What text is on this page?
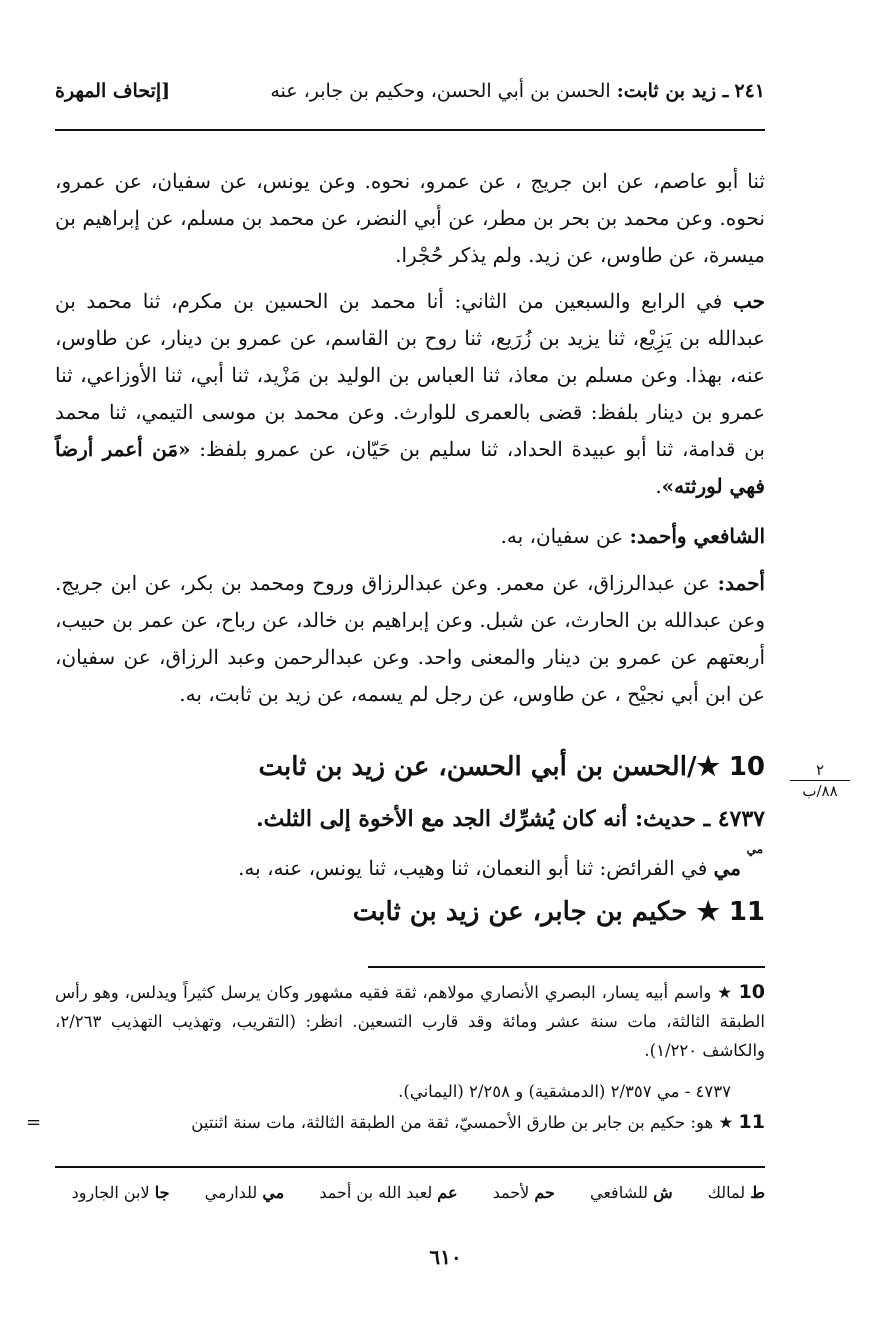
٢٤١ ـ زيد بن ثابت: الحسن بن أبي الحسن، وحكيم بن جابر، عنه
[إتحاف المهرة
ثنا أبو عاصم، عن ابن جريج ، عن عمرو، نحوه. وعن يونس، عن سفيان، عن عمرو، نحوه. وعن محمد بن بحر بن مطر، عن أبي النضر، عن محمد بن مسلم، عن إبراهيم بن ميسرة، عن طاوس، عن زيد. ولم يذكر حُجْرا.
حب في الرابع والسبعين من الثاني: أنا محمد بن الحسين بن مكرم، ثنا محمد بن عبدالله بن يَزِيْع، ثنا يزيد بن زُرَيع، ثنا روح بن القاسم، عن عمرو بن دينار، عن طاوس، عنه، بهذا. وعن مسلم بن معاذ، ثنا العباس بن الوليد بن مَزْيد، ثنا أبي، ثنا الأوزاعي، ثنا عمرو بن دينار بلفظ: قضى بالعمرى للوارث. وعن محمد بن موسى التيمي، ثنا محمد بن قدامة، ثنا أبو عبيدة الحداد، ثنا سليم بن حَيّان، عن عمرو بلفظ: «مَن أعمر أرضاً فهي لورثته».
الشافعي وأحمد: عن سفيان، به.
أحمد: عن عبدالرزاق، عن معمر. وعن عبدالرزاق وروح ومحمد بن بكر، عن ابن جريج. وعن عبدالله بن الحارث، عن شبل. وعن إبراهيم بن خالد، عن رباح، عن عمر بن حبيب، أربعتهم عن عمرو بن دينار والمعنى واحد. وعن عبدالرحمن وعبد الرزاق، عن سفيان، عن ابن أبي نجيْح ، عن طاوس، عن رجل لم يسمه، عن زيد بن ثابت، به.
10 ★/الحسن بن أبي الحسن، عن زيد بن ثابت	٢
٨٨/ب
٤٧٣٧ ـ حديث: أنه كان يُشرِّك الجد مع الأخوة إلى الثلث.
مي
مي في الفرائض: ثنا أبو النعمان، ثنا وهيب، ثنا يونس، عنه، به.
11 ★ حكيم بن جابر، عن زيد بن ثابت
10 ★ واسم أبيه يسار، البصري الأنصاري مولاهم، ثقة فقيه مشهور وكان يرسل كثيراً ويدلس، وهو رأس الطبقة الثالثة، مات سنة عشر ومائة وقد قارب التسعين. انظر: (التقريب، وتهذيب التهذيب ٢/٢٦٣، والكاشف ١/٢٢٠).
٤٧٣٧ - مي ٢/٣٥٧ (الدمشقية) و ٢/٢٥٨ (اليماني).
11 ★ هو: حكيم بن جابر بن طارق الأحمسيّ، ثقة من الطبقة الثالثة، مات سنة اثنتين
=
ط لمالك ش للشافعي حم لأحمد عم لعبد الله بن أحمد مي للدارمي جا لابن الجارود
٦١٠
